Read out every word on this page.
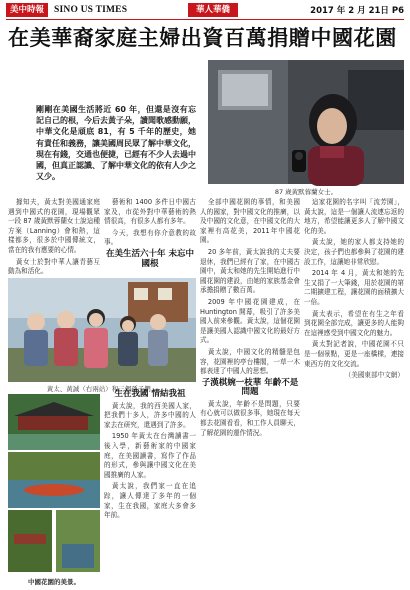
美中時報	SINO US TIMES	華人華僑	2017 年 2 月 21日 P6
在美華裔家庭主婦出資百萬捐贈中國花園
剛剛在美國生活將近 60 年，但還是沒有忘記自己的根，今后去黃子朵，讀聞歌感動願，中華文化是頑底 81，有 5 千年的歷史，她有責任和義務，讓美國周民眾了解中華文化，現在有錢，交通也便捷，已經有不少人去過中國，但真正認識、了解中華文化的依有人少之又少。
87 歲黃默蓉蘭女士。

據知夫，黃太對美國通家庭遇到中國式的花園，現場觀眾一段 87 歲黃默蓉蘭女士說這種方案（Lanning）會和熱，這樣都多，很多於中國傳統文，當在的我有應要的心情。

黃女士於對中華人讓青藝互動為和活化。

藝術和 1400 多件日中國古家及，市從外對中華藝術的熱情很高，有很多人都有多年。

今天，我想有你介意教的故事。

在美生活六十年 未忘中國根

黃太、黃誠（右兩站）和三個孫子們。
中國花園的美景。

生在我國 情結我祖

黃太說，我的西美國人家，把我們十多人，許多中國的人家去在研究，還遇到了許多。

1950 年黃太在台灣讀書一後入學，新藝術家的中國家庭，在美國讀書，寫作了作品的形式，參與讓中國文化在美國推廣的人家。

黃太說，我們家一直在追踪，讓人傳達了多年的一個家，生在我國，家庭大多會多年前。

全部中國花園的事情，和美國人的國家，對中國文化的推廣，以及中國的文化意，在中國文化的大家裡有高花美，2011年中國花園。

20 多年前，黃太說我的丈夫要退休，我們已經有了家，在中國古園中，黃太和她的先生開始進行中國花園的建設，由她的家族基金會承擔捐贈了數百萬。

2009 年中國花園建成，在 Huntington 開幕，吸引了許多美國人前來參觀。黃太說，這個花園是讓美國人認識中國文化的最好方式。

黃太說，中國文化的精髓是包容，花園裡的亭台樓閣，一草一木都表達了中國人的思想。

子漢棋婉一枝華 年齡不是問題

黃太說，年齡不是問題，只要有心就可以做很多事，她現在每天都去花園看看，和工作人員聊天，了解花園的運作情況。

這家花園的名字叫「流芳園」，黃太說，這是一個讓人流連忘返的地方，希望能讓更多人了解中國文化的美。

黃太說，她的家人都支持她的決定，孩子們也都參與了花園的建設工作，這讓她非常欣慰。

2014 年 4 月，黃太和她的先生又捐了一大筆錢，用於花園的第二期擴建工程，讓花園的面積擴大一倍。

黃太表示，希望在有生之年看到花園全部完成，讓更多的人能夠在這裡感受到中國文化的魅力。

黃太對記者說，中國花園不只是一個景點，更是一座橋樑，連接東西方的文化交流。

（美國東部中文網）
